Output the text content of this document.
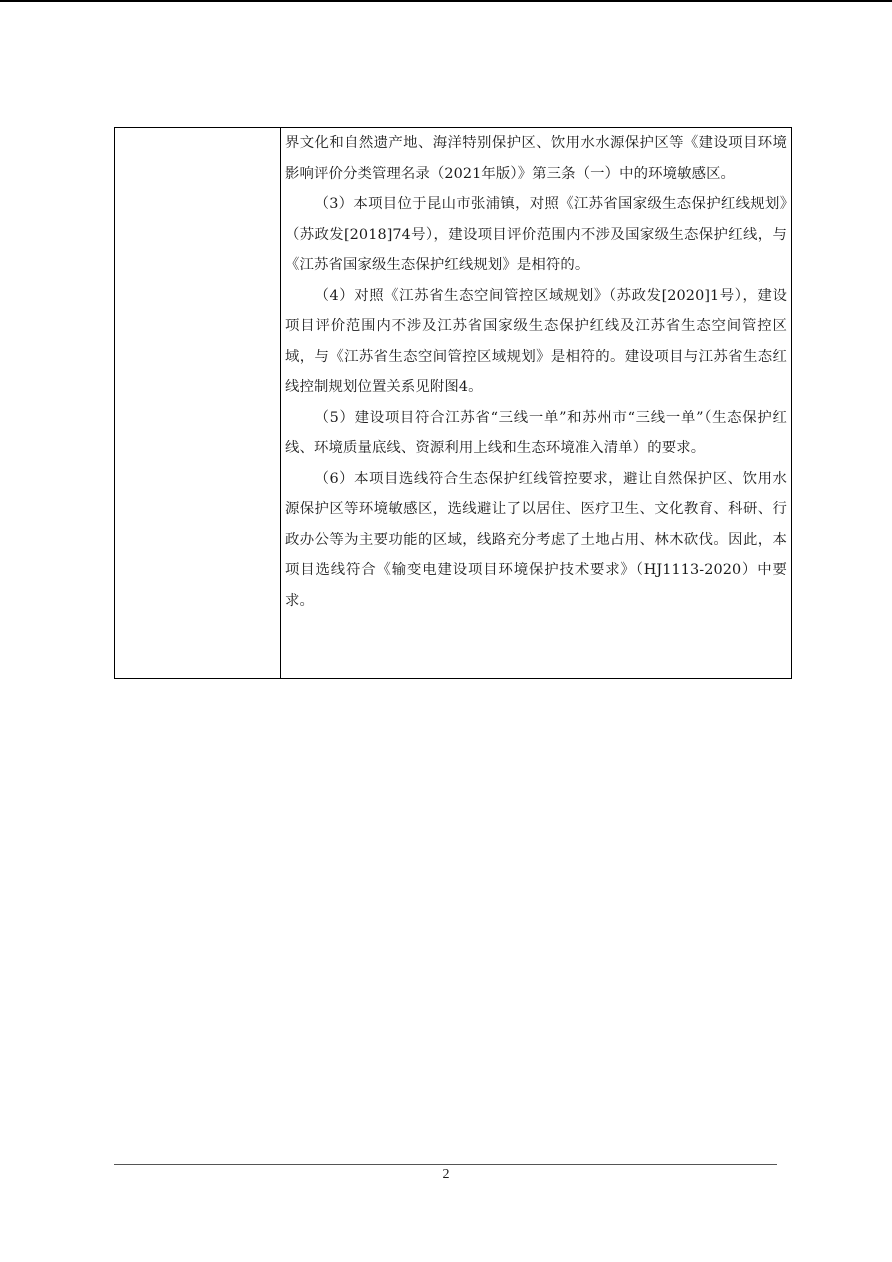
界文化和自然遗产地、海洋特别保护区、饮用水水源保护区等《建设项目环境影响评价分类管理名录（2021年版）》第三条（一）中的环境敏感区。

（3）本项目位于昆山市张浦镇，对照《江苏省国家级生态保护红线规划》（苏政发[2018]74号），建设项目评价范围内不涉及国家级生态保护红线，与《江苏省国家级生态保护红线规划》是相符的。

（4）对照《江苏省生态空间管控区域规划》（苏政发[2020]1号），建设项目评价范围内不涉及江苏省国家级生态保护红线及江苏省生态空间管控区域，与《江苏省生态空间管控区域规划》是相符的。建设项目与江苏省生态红线控制规划位置关系见附图4。

（5）建设项目符合江苏省“三线一单”和苏州市“三线一单”（生态保护红线、环境质量底线、资源利用上线和生态环境准入清单）的要求。

（6）本项目选线符合生态保护红线管控要求，避让自然保护区、饮用水源保护区等环境敏感区，选线避让了以居住、医疗卫生、文化教育、科研、行政办公等为主要功能的区域，线路充分考虑了土地占用、林木砍伐。因此，本项目选线符合《输变电建设项目环境保护技术要求》（HJ1113-2020）中要求。

2
